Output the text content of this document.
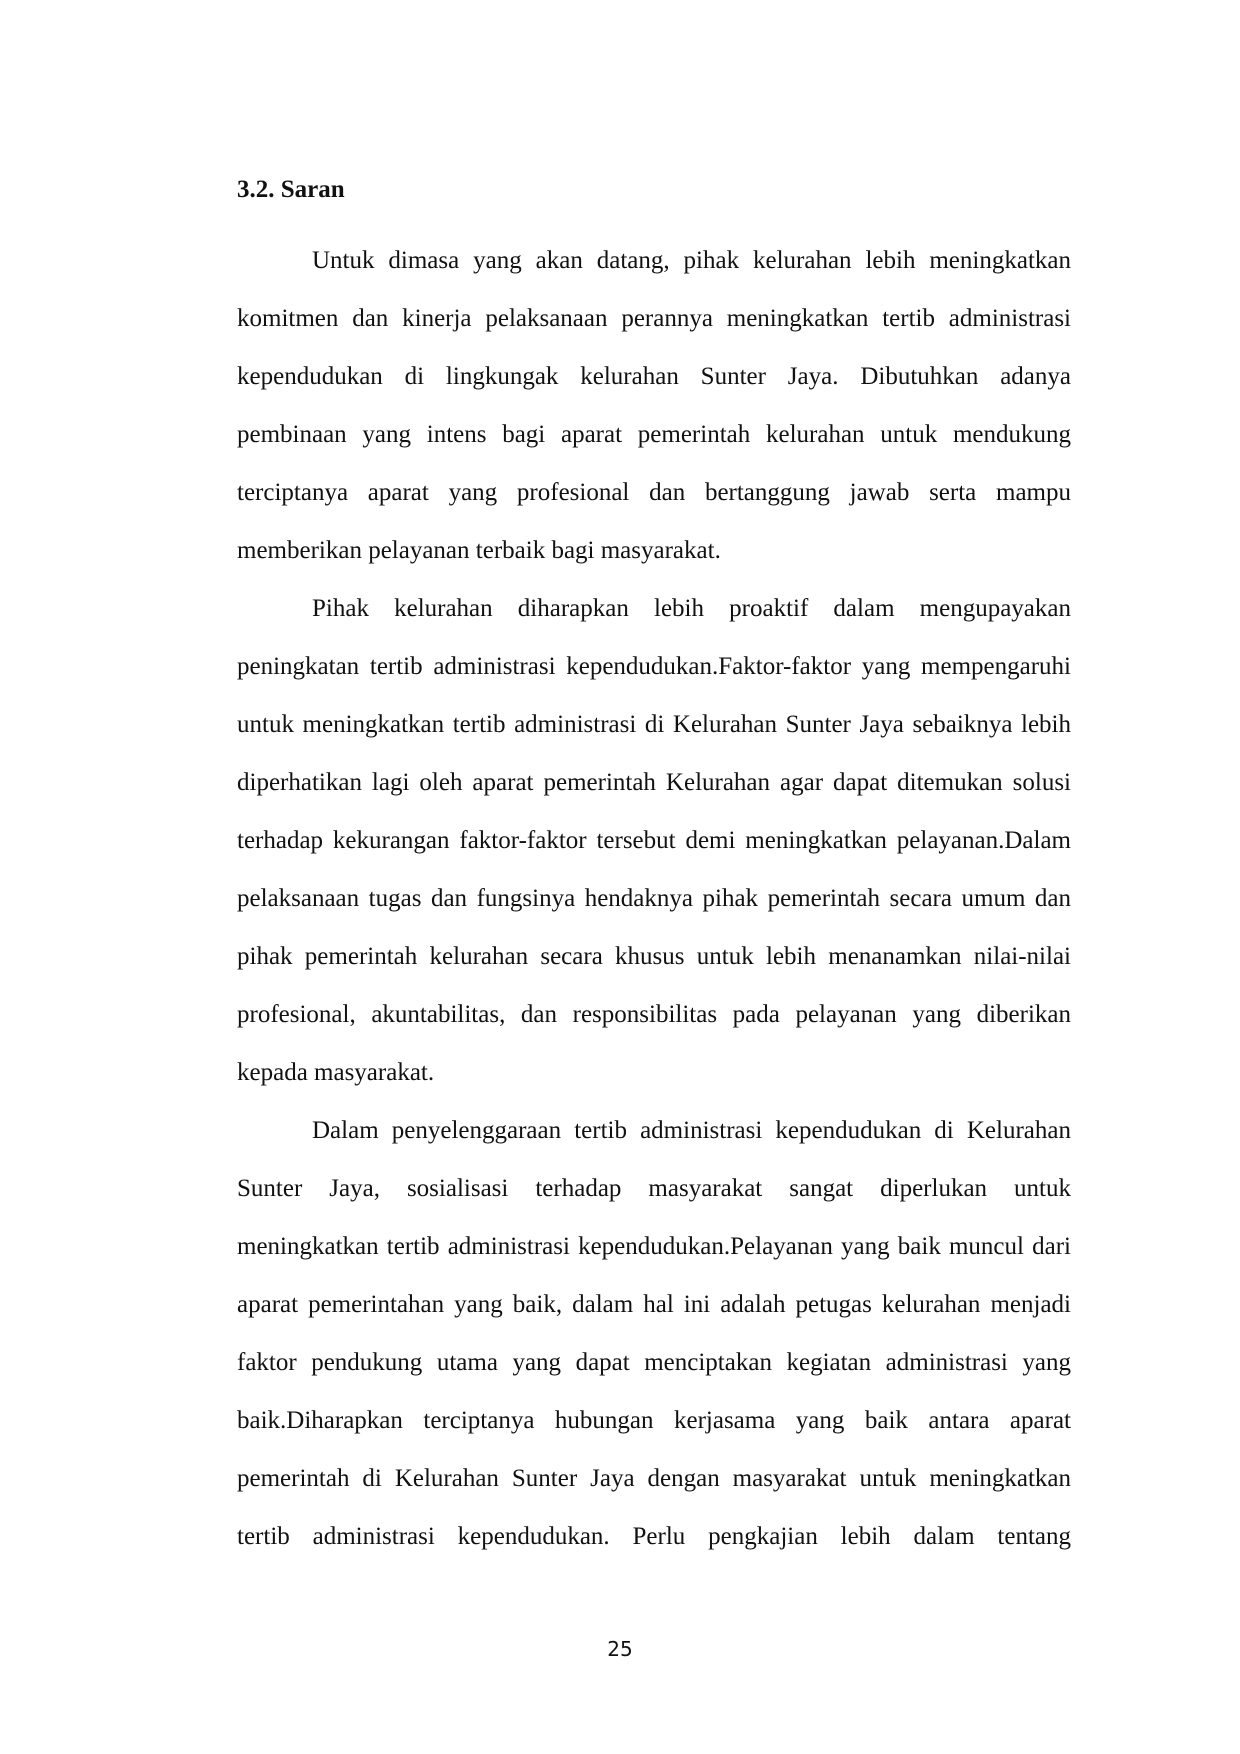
3.2. Saran
Untuk dimasa yang akan datang, pihak kelurahan lebih meningkatkan
komitmen dan kinerja pelaksanaan perannya meningkatkan tertib administrasi
kependudukan di lingkungak kelurahan Sunter Jaya. Dibutuhkan adanya
pembinaan yang intens bagi aparat pemerintah kelurahan untuk mendukung
terciptanya aparat yang profesional dan bertanggung jawab serta mampu
memberikan pelayanan terbaik bagi masyarakat.
Pihak kelurahan diharapkan lebih proaktif dalam mengupayakan
peningkatan tertib administrasi kependudukan.Faktor-faktor yang mempengaruhi
untuk meningkatkan tertib administrasi di Kelurahan Sunter Jaya sebaiknya lebih
diperhatikan lagi oleh aparat pemerintah Kelurahan agar dapat ditemukan solusi
terhadap kekurangan faktor-faktor tersebut demi meningkatkan pelayanan.Dalam
pelaksanaan tugas dan fungsinya hendaknya pihak pemerintah secara umum dan
pihak pemerintah kelurahan secara khusus untuk lebih menanamkan nilai-nilai
profesional, akuntabilitas, dan responsibilitas pada pelayanan yang diberikan
kepada masyarakat.
Dalam penyelenggaraan tertib administrasi kependudukan di Kelurahan
Sunter Jaya, sosialisasi terhadap masyarakat sangat diperlukan untuk
meningkatkan tertib administrasi kependudukan.Pelayanan yang baik muncul dari
aparat pemerintahan yang baik, dalam hal ini adalah petugas kelurahan menjadi
faktor pendukung utama yang dapat menciptakan kegiatan administrasi yang
baik.Diharapkan terciptanya hubungan kerjasama yang baik antara aparat
pemerintah di Kelurahan Sunter Jaya dengan masyarakat untuk meningkatkan
tertib administrasi kependudukan. Perlu pengkajian lebih dalam tentang
25
